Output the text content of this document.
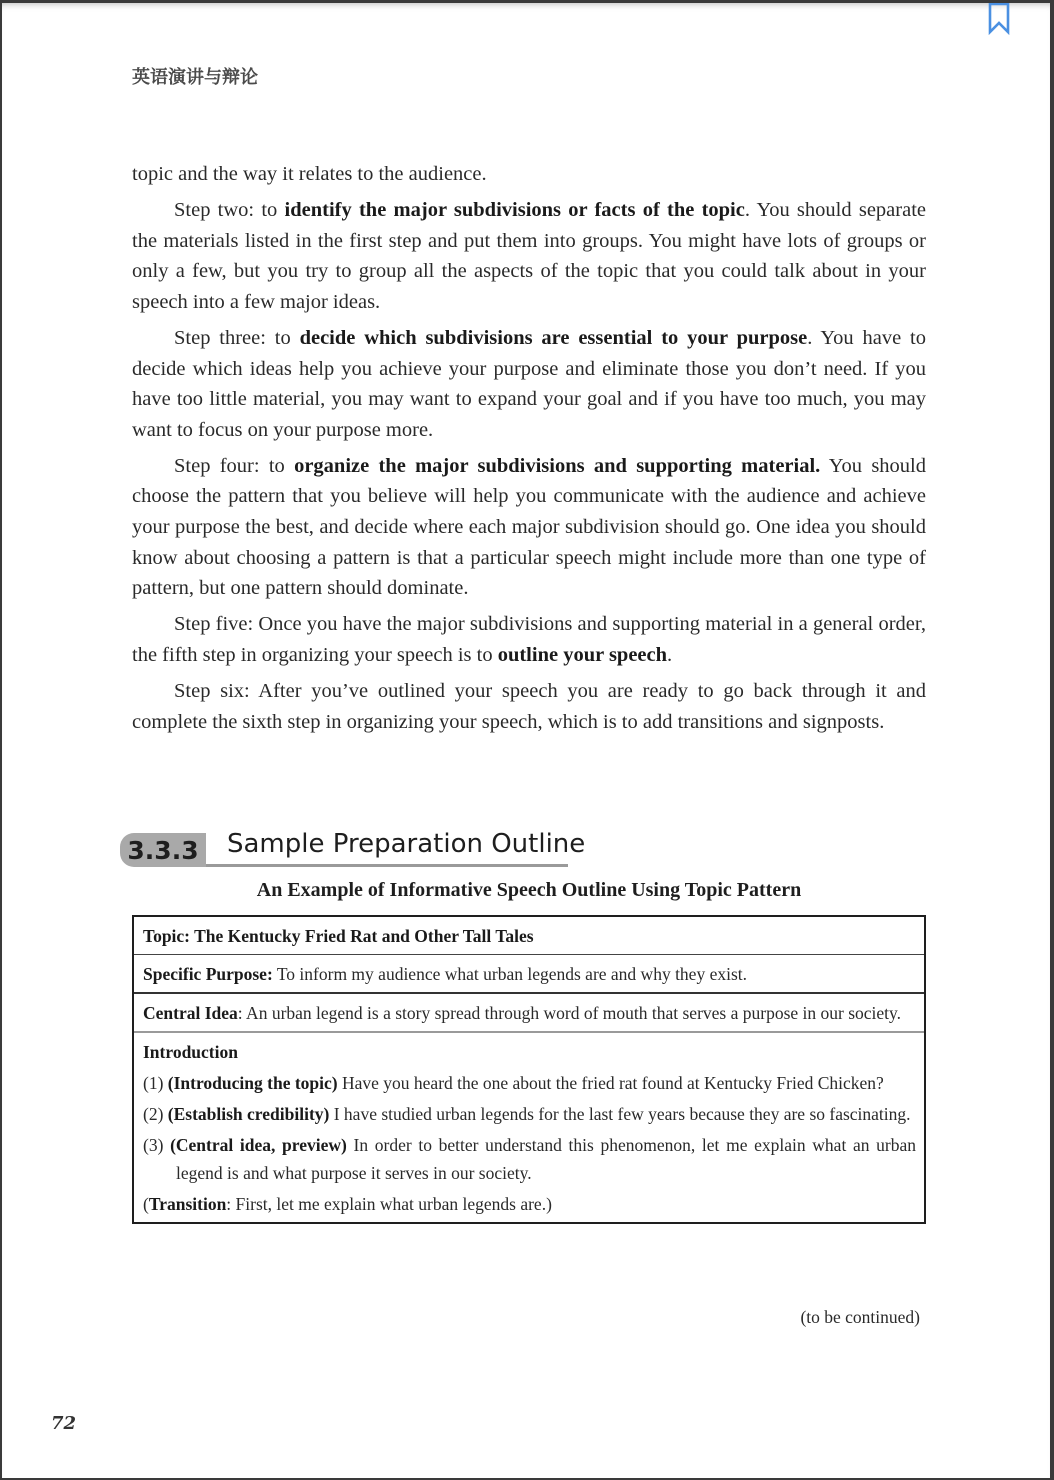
英语演讲与辩论

topic and the way it relates to the audience.

Step two: to identify the major subdivisions or facts of the topic. You should separate the materials listed in the first step and put them into groups. You might have lots of groups or only a few, but you try to group all the aspects of the topic that you could talk about in your speech into a few major ideas.

Step three: to decide which subdivisions are essential to your purpose. You have to decide which ideas help you achieve your purpose and eliminate those you don’t need. If you have too little material, you may want to expand your goal and if you have too much, you may want to focus on your purpose more.

Step four: to organize the major subdivisions and supporting material. You should choose the pattern that you believe will help you communicate with the audience and achieve your purpose the best, and decide where each major subdivision should go. One idea you should know about choosing a pattern is that a particular speech might include more than one type of pattern, but one pattern should dominate.

Step five: Once you have the major subdivisions and supporting material in a general order, the fifth step in organizing your speech is to outline your speech.

Step six: After you’ve outlined your speech you are ready to go back through it and complete the sixth step in organizing your speech, which is to add transitions and signposts.

3.3.3 Sample Preparation Outline
An Example of Informative Speech Outline Using Topic Pattern
Topic: The Kentucky Fried Rat and Other Tall Tales
Specific Purpose: To inform my audience what urban legends are and why they exist.
Central Idea: An urban legend is a story spread through word of mouth that serves a purpose in our society.
Introduction
(1) (Introducing the topic) Have you heard the one about the fried rat found at Kentucky Fried Chicken?
(2) (Establish credibility) I have studied urban legends for the last few years because they are so fascinating.
(3) (Central idea, preview) In order to better understand this phenomenon, let me explain what an urban legend is and what purpose it serves in our society.
(Transition: First, let me explain what urban legends are.)
(to be continued)
72
